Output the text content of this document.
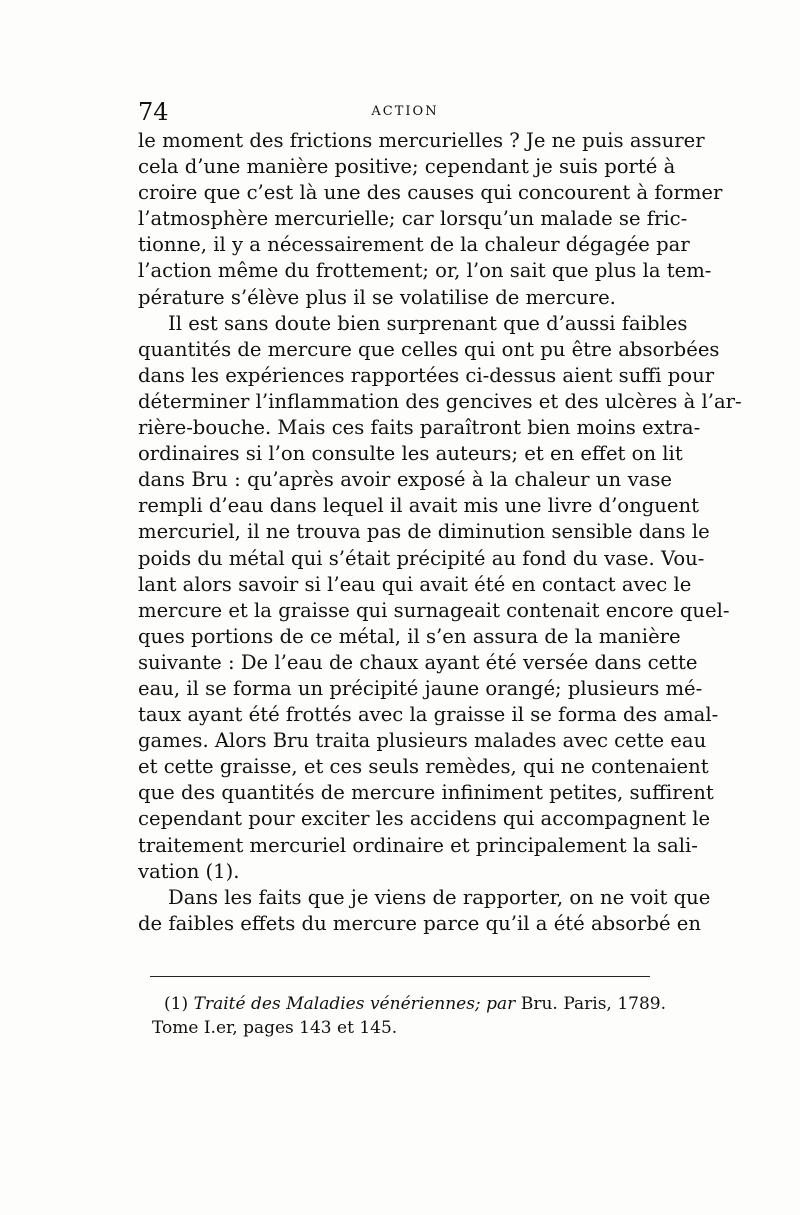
74	ACTION
le moment des frictions mercurielles ? Je ne puis assurer
cela d’une manière positive; cependant je suis porté à
croire que c’est là une des causes qui concourent à former
l’atmosphère mercurielle; car lorsqu’un malade se fric-
tionne, il y a nécessairement de la chaleur dégagée par
l’action même du frottement; or, l’on sait que plus la tem-
pérature s’élève plus il se volatilise de mercure.
Il est sans doute bien surprenant que d’aussi faibles
quantités de mercure que celles qui ont pu être absorbées
dans les expériences rapportées ci-dessus aient suffi pour
déterminer l’inflammation des gencives et des ulcères à l’ar-
rière-bouche. Mais ces faits paraîtront bien moins extra-
ordinaires si l’on consulte les auteurs; et en effet on lit
dans Bru : qu’après avoir exposé à la chaleur un vase
rempli d’eau dans lequel il avait mis une livre d’onguent
mercuriel, il ne trouva pas de diminution sensible dans le
poids du métal qui s’était précipité au fond du vase. Vou-
lant alors savoir si l’eau qui avait été en contact avec le
mercure et la graisse qui surnageait contenait encore quel-
ques portions de ce métal, il s’en assura de la manière
suivante : De l’eau de chaux ayant été versée dans cette
eau, il se forma un précipité jaune orangé; plusieurs mé-
taux ayant été frottés avec la graisse il se forma des amal-
games. Alors Bru traita plusieurs malades avec cette eau
et cette graisse, et ces seuls remèdes, qui ne contenaient
que des quantités de mercure infiniment petites, suffirent
cependant pour exciter les accidens qui accompagnent le
traitement mercuriel ordinaire et principalement la sali-
vation (1).
Dans les faits que je viens de rapporter, on ne voit que
de faibles effets du mercure parce qu’il a été absorbé en
(1) Traité des Maladies vénériennes; par Bru. Paris, 1789.
Tome I.er, pages 143 et 145.
